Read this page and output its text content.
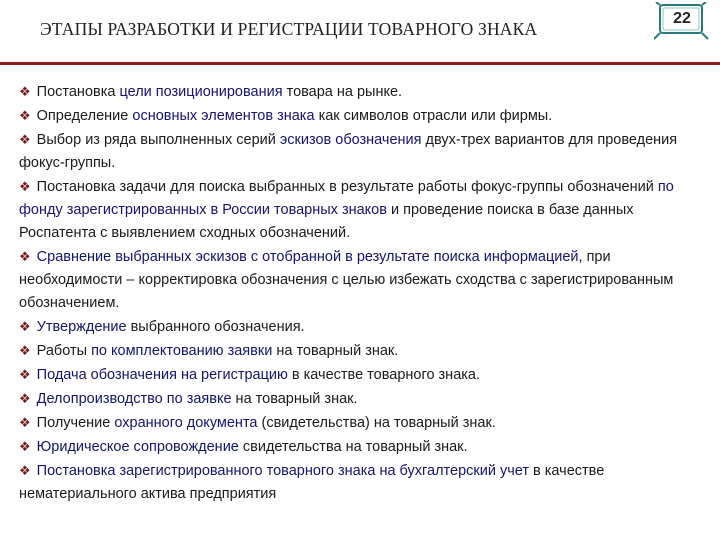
ЭТАПЫ РАЗРАБОТКИ И РЕГИСТРАЦИИ ТОВАРНОГО ЗНАКА
22
❖ Постановка цели позиционирования товара на рынке.
❖ Определение основных элементов знака как символов отрасли или фирмы.
❖ Выбор из ряда выполненных серий эскизов обозначения двух-трех вариантов для проведения фокус-группы.
❖ Постановка задачи для поиска выбранных в результате работы фокус-группы обозначений по фонду зарегистрированных в России товарных знаков и проведение поиска в базе данных Роспатента с выявлением сходных обозначений.
❖ Сравнение выбранных эскизов с отобранной в результате поиска информацией, при необходимости – корректировка обозначения с целью избежать сходства с зарегистрированным обозначением.
❖ Утверждение выбранного обозначения.
❖ Работы по комплектованию заявки на товарный знак.
❖ Подача обозначения на регистрацию в качестве товарного знака.
❖ Делопроизводство по заявке на товарный знак.
❖ Получение охранного документа (свидетельства) на товарный знак.
❖ Юридическое сопровождение свидетельства на товарный знак.
❖ Постановка зарегистрированного товарного знака на бухгалтерский учет в качестве нематериального актива предприятия
